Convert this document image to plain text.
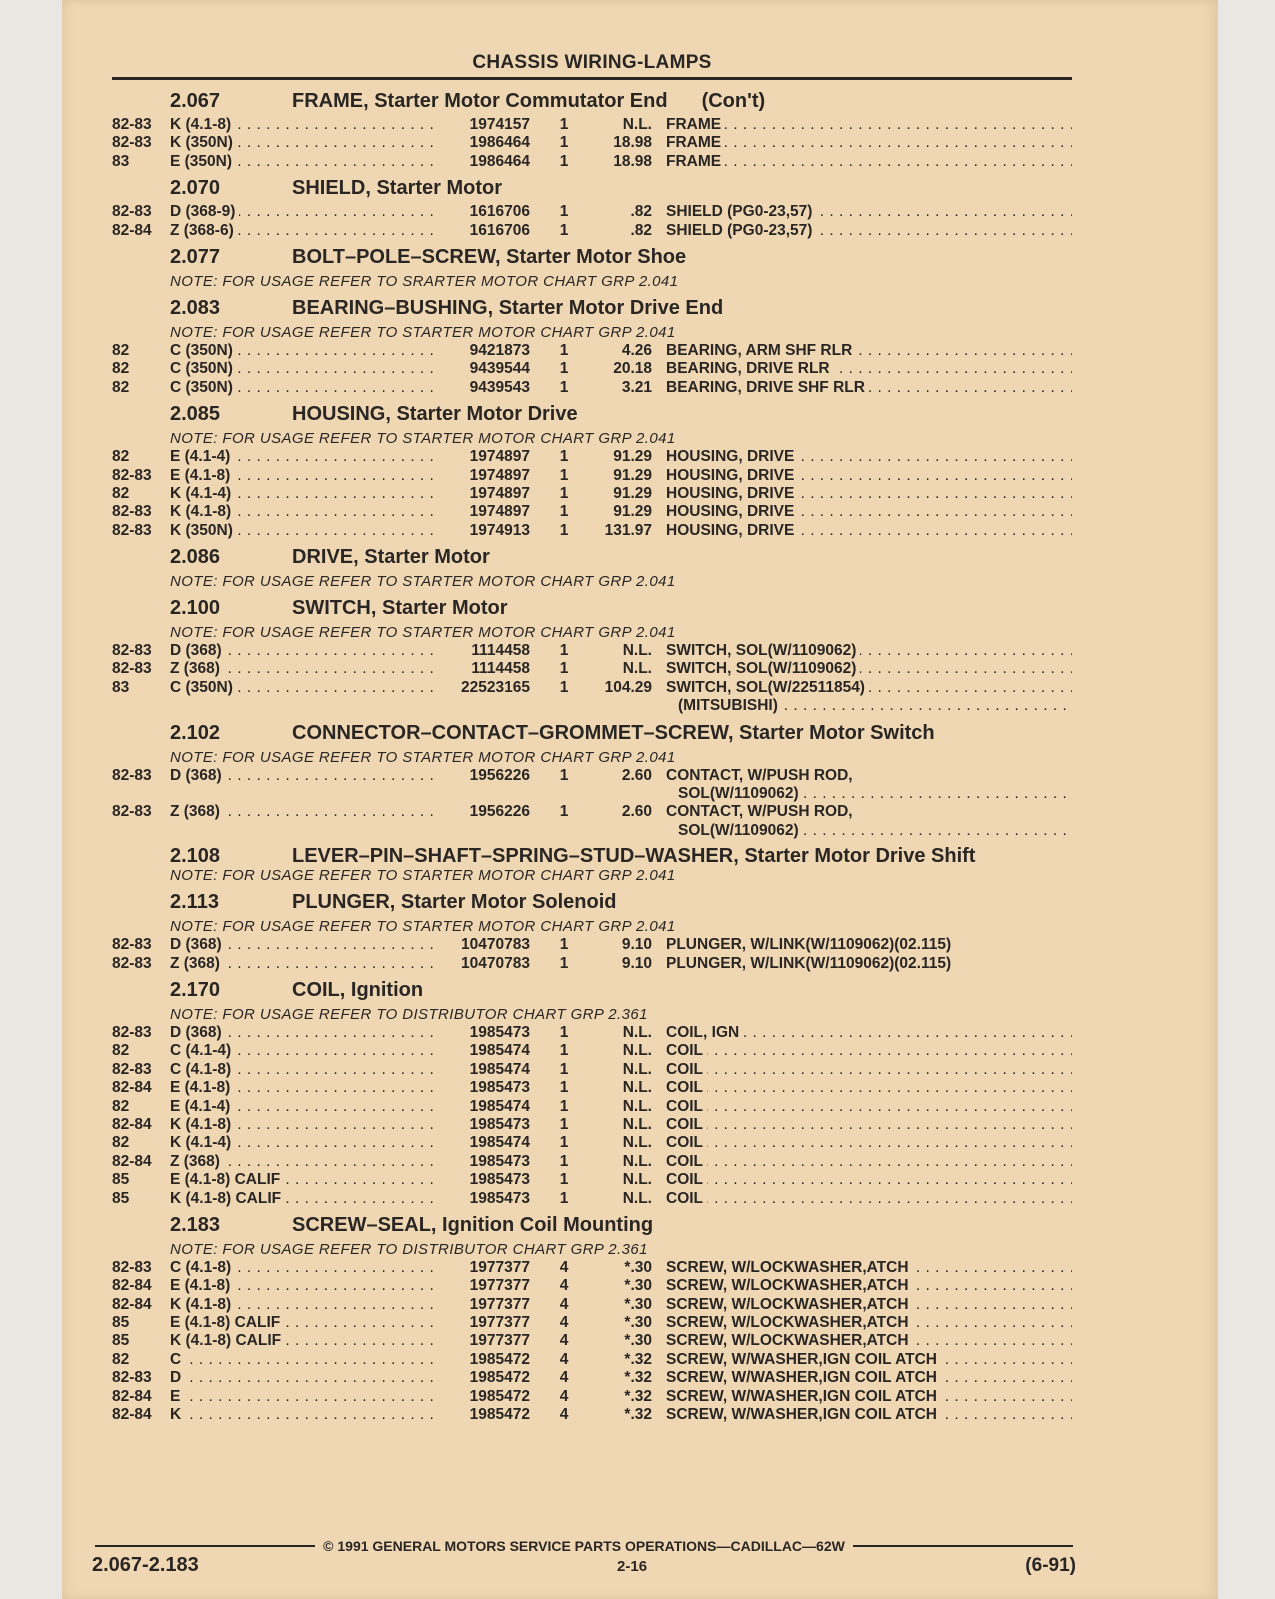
CHASSIS WIRING-LAMPS
2.067	FRAME, Starter Motor Commutator End (Con't)
82-83	K (4.1-8) . . .	1974157	1	N.L. FRAME . . .
82-83	K (350N) . . .	1986464	1	18.98 FRAME . . .
83	E (350N) . . .	1986464	1	18.98 FRAME . . .
2.070	SHIELD, Starter Motor
82-83	D (368-9) . . .	1616706	1	.82 SHIELD (PG0-23,57) . . .
82-84	Z (368-6) . . .	1616706	1	.82 SHIELD (PG0-23,57) . . .
2.077	BOLT–POLE–SCREW, Starter Motor Shoe
NOTE: FOR USAGE REFER TO SRARTER MOTOR CHART GRP 2.041
2.083	BEARING–BUSHING, Starter Motor Drive End
NOTE: FOR USAGE REFER TO STARTER MOTOR CHART GRP 2.041
82	C (350N) . . .	9421873	1	4.26 BEARING, ARM SHF RLR . . .
82	C (350N) . . .	9439544	1	20.18 BEARING, DRIVE RLR . . .
82	C (350N) . . .	9439543	1	3.21 BEARING, DRIVE SHF RLR . . .
2.085	HOUSING, Starter Motor Drive
NOTE: FOR USAGE REFER TO STARTER MOTOR CHART GRP 2.041
82	E (4.1-4) . . .	1974897	1	91.29 HOUSING, DRIVE . . .
82-83	E (4.1-8) . . .	1974897	1	91.29 HOUSING, DRIVE . . .
82	K (4.1-4) . . .	1974897	1	91.29 HOUSING, DRIVE . . .
82-83	K (4.1-8) . . .	1974897	1	91.29 HOUSING, DRIVE . . .
82-83	K (350N) . . .	1974913	1	131.97 HOUSING, DRIVE . . .
2.086	DRIVE, Starter Motor
NOTE: FOR USAGE REFER TO STARTER MOTOR CHART GRP 2.041
2.100	SWITCH, Starter Motor
NOTE: FOR USAGE REFER TO STARTER MOTOR CHART GRP 2.041
82-83	D (368) . . .	1114458	1	N.L. SWITCH, SOL(W/1109062) . . .
82-83	Z (368) . . .	1114458	1	N.L. SWITCH, SOL(W/1109062) . . .
83	C (350N) . . .	22523165	1	104.29 SWITCH, SOL(W/22511854) . . .
(MITSUBISHI) . . .
2.102	CONNECTOR–CONTACT–GROMMET–SCREW, Starter Motor Switch
NOTE: FOR USAGE REFER TO STARTER MOTOR CHART GRP 2.041
82-83	D (368) . . .	1956226	1	2.60 CONTACT, W/PUSH ROD,
SOL(W/1109062) . . .
82-83	Z (368) . . .	1956226	1	2.60 CONTACT, W/PUSH ROD,
SOL(W/1109062) . . .
2.108	LEVER–PIN–SHAFT–SPRING–STUD–WASHER, Starter Motor Drive Shift
NOTE: FOR USAGE REFER TO STARTER MOTOR CHART GRP 2.041
2.113	PLUNGER, Starter Motor Solenoid
NOTE: FOR USAGE REFER TO STARTER MOTOR CHART GRP 2.041
82-83	D (368) . . .	10470783	1	9.10 PLUNGER, W/LINK(W/1109062)(02.115)
82-83	Z (368) . . .	10470783	1	9.10 PLUNGER, W/LINK(W/1109062)(02.115)
2.170	COIL, Ignition
NOTE: FOR USAGE REFER TO DISTRIBUTOR CHART GRP 2.361
82-83	D (368) . . .	1985473	1	N.L. COIL, IGN . . .
82	C (4.1-4) . . .	1985474	1	N.L. COIL . . .
82-83	C (4.1-8) . . .	1985474	1	N.L. COIL . . .
82-84	E (4.1-8) . . .	1985473	1	N.L. COIL . . .
82	E (4.1-4) . . .	1985474	1	N.L. COIL . . .
82-84	K (4.1-8) . . .	1985473	1	N.L. COIL . . .
82	K (4.1-4) . . .	1985474	1	N.L. COIL . . .
82-84	Z (368) . . .	1985473	1	N.L. COIL . . .
85	E (4.1-8) CALIF . . .	1985473	1	N.L. COIL . . .
85	K (4.1-8) CALIF . . .	1985473	1	N.L. COIL . . .
2.183	SCREW–SEAL, Ignition Coil Mounting
NOTE: FOR USAGE REFER TO DISTRIBUTOR CHART GRP 2.361
82-83	C (4.1-8) . . .	1977377	4	*.30 SCREW, W/LOCKWASHER,ATCH . . .
82-84	E (4.1-8) . . .	1977377	4	*.30 SCREW, W/LOCKWASHER,ATCH . . .
82-84	K (4.1-8) . . .	1977377	4	*.30 SCREW, W/LOCKWASHER,ATCH . . .
85	E (4.1-8) CALIF . . .	1977377	4	*.30 SCREW, W/LOCKWASHER,ATCH . . .
85	K (4.1-8) CALIF . . .	1977377	4	*.30 SCREW, W/LOCKWASHER,ATCH . . .
82	C . . .	1985472	4	*.32 SCREW, W/WASHER,IGN COIL ATCH . . .
82-83	D . . .	1985472	4	*.32 SCREW, W/WASHER,IGN COIL ATCH . . .
82-84	E . . .	1985472	4	*.32 SCREW, W/WASHER,IGN COIL ATCH . . .
82-84	K . . .	1985472	4	*.32 SCREW, W/WASHER,IGN COIL ATCH . . .
© 1991 GENERAL MOTORS SERVICE PARTS OPERATIONS—CADILLAC—62W
2.067-2.183	2-16	(6-91)
